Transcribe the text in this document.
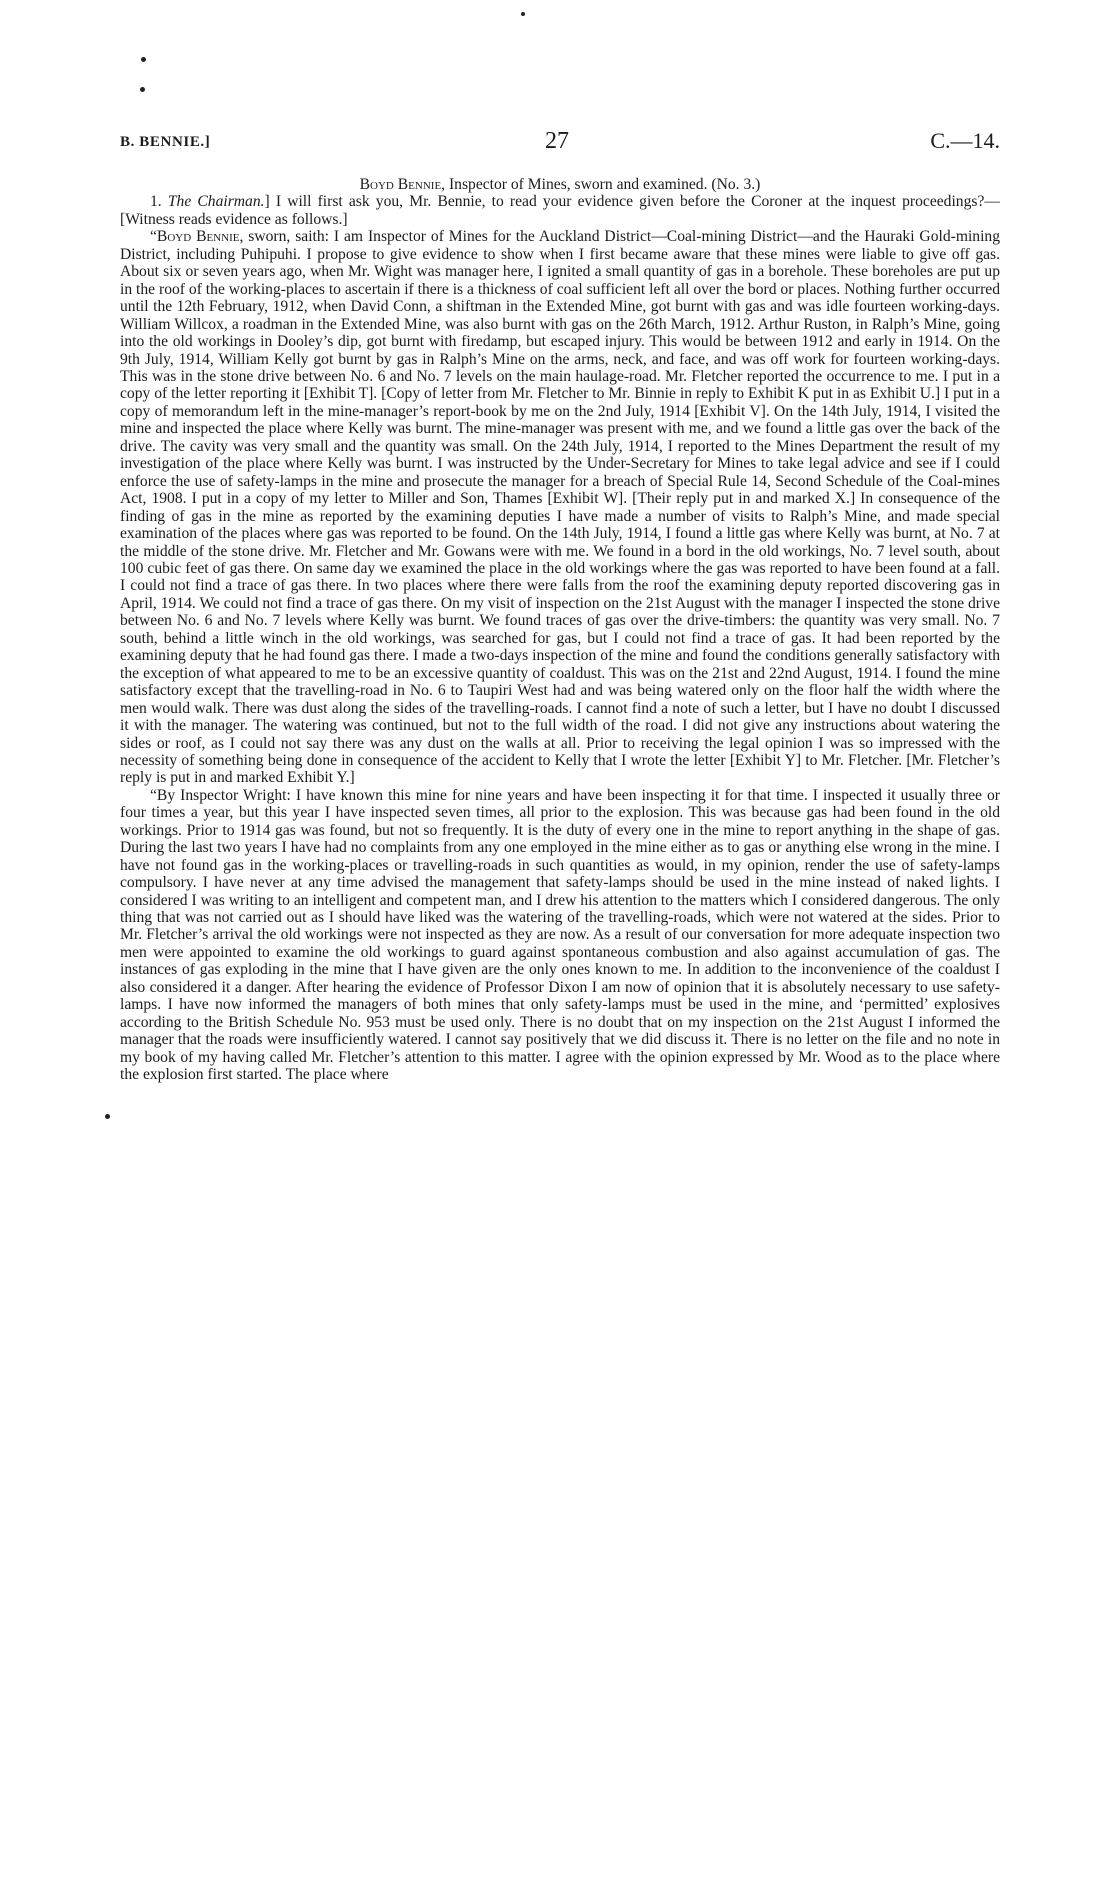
B. BENNIE.]	27	C.—14.

Boyd Bennie, Inspector of Mines, sworn and examined. (No. 3.)

1. The Chairman.] I will first ask you, Mr. Bennie, to read your evidence given before the Coroner at the inquest proceedings?—[Witness reads evidence as follows.]

“Boyd Bennie, sworn, saith: I am Inspector of Mines for the Auckland District—Coal-mining District—and the Hauraki Gold-mining District, including Puhipuhi. I propose to give evidence to show when I first became aware that these mines were liable to give off gas. About six or seven years ago, when Mr. Wight was manager here, I ignited a small quantity of gas in a borehole. These boreholes are put up in the roof of the working-places to ascertain if there is a thickness of coal sufficient left all over the bord or places. Nothing further occurred until the 12th February, 1912, when David Conn, a shiftman in the Extended Mine, got burnt with gas and was idle fourteen working-days. William Willcox, a roadman in the Extended Mine, was also burnt with gas on the 26th March, 1912. Arthur Ruston, in Ralph’s Mine, going into the old workings in Dooley’s dip, got burnt with firedamp, but escaped injury. This would be between 1912 and early in 1914. On the 9th July, 1914, William Kelly got burnt by gas in Ralph’s Mine on the arms, neck, and face, and was off work for fourteen working-days. This was in the stone drive between No. 6 and No. 7 levels on the main haulage-road. Mr. Fletcher reported the occurrence to me. I put in a copy of the letter reporting it [Exhibit T]. [Copy of letter from Mr. Fletcher to Mr. Binnie in reply to Exhibit K put in as Exhibit U.] I put in a copy of memorandum left in the mine-manager’s report-book by me on the 2nd July, 1914 [Exhibit V]. On the 14th July, 1914, I visited the mine and inspected the place where Kelly was burnt. The mine-manager was present with me, and we found a little gas over the back of the drive. The cavity was very small and the quantity was small. On the 24th July, 1914, I reported to the Mines Department the result of my investigation of the place where Kelly was burnt. I was instructed by the Under-Secretary for Mines to take legal advice and see if I could enforce the use of safety-lamps in the mine and prosecute the manager for a breach of Special Rule 14, Second Schedule of the Coal-mines Act, 1908. I put in a copy of my letter to Miller and Son, Thames [Exhibit W]. [Their reply put in and marked X.] In consequence of the finding of gas in the mine as reported by the examining deputies I have made a number of visits to Ralph’s Mine, and made special examination of the places where gas was reported to be found. On the 14th July, 1914, I found a little gas where Kelly was burnt, at No. 7 at the middle of the stone drive. Mr. Fletcher and Mr. Gowans were with me. We found in a bord in the old workings, No. 7 level south, about 100 cubic feet of gas there. On same day we examined the place in the old workings where the gas was reported to have been found at a fall. I could not find a trace of gas there. In two places where there were falls from the roof the examining deputy reported discovering gas in April, 1914. We could not find a trace of gas there. On my visit of inspection on the 21st August with the manager I inspected the stone drive between No. 6 and No. 7 levels where Kelly was burnt. We found traces of gas over the drive-timbers: the quantity was very small. No. 7 south, behind a little winch in the old workings, was searched for gas, but I could not find a trace of gas. It had been reported by the examining deputy that he had found gas there. I made a two-days inspection of the mine and found the conditions generally satisfactory with the exception of what appeared to me to be an excessive quantity of coaldust. This was on the 21st and 22nd August, 1914. I found the mine satisfactory except that the travelling-road in No. 6 to Taupiri West had and was being watered only on the floor half the width where the men would walk. There was dust along the sides of the travelling-roads. I cannot find a note of such a letter, but I have no doubt I discussed it with the manager. The watering was continued, but not to the full width of the road. I did not give any instructions about watering the sides or roof, as I could not say there was any dust on the walls at all. Prior to receiving the legal opinion I was so impressed with the necessity of something being done in consequence of the accident to Kelly that I wrote the letter [Exhibit Y] to Mr. Fletcher. [Mr. Fletcher’s reply is put in and marked Exhibit Y.]

“By Inspector Wright: I have known this mine for nine years and have been inspecting it for that time. I inspected it usually three or four times a year, but this year I have inspected seven times, all prior to the explosion. This was because gas had been found in the old workings. Prior to 1914 gas was found, but not so frequently. It is the duty of every one in the mine to report anything in the shape of gas. During the last two years I have had no complaints from any one employed in the mine either as to gas or anything else wrong in the mine. I have not found gas in the working-places or travelling-roads in such quantities as would, in my opinion, render the use of safety-lamps compulsory. I have never at any time advised the management that safety-lamps should be used in the mine instead of naked lights. I considered I was writing to an intelligent and competent man, and I drew his attention to the matters which I considered dangerous. The only thing that was not carried out as I should have liked was the watering of the travelling-roads, which were not watered at the sides. Prior to Mr. Fletcher’s arrival the old workings were not inspected as they are now. As a result of our conversation for more adequate inspection two men were appointed to examine the old workings to guard against spontaneous combustion and also against accumulation of gas. The instances of gas exploding in the mine that I have given are the only ones known to me. In addition to the inconvenience of the coaldust I also considered it a danger. After hearing the evidence of Professor Dixon I am now of opinion that it is absolutely necessary to use safety-lamps. I have now informed the managers of both mines that only safety-lamps must be used in the mine, and ‘permitted’ explosives according to the British Schedule No. 953 must be used only. There is no doubt that on my inspection on the 21st August I informed the manager that the roads were insufficiently watered. I cannot say positively that we did discuss it. There is no letter on the file and no note in my book of my having called Mr. Fletcher’s attention to this matter. I agree with the opinion expressed by Mr. Wood as to the place where the explosion first started. The place where
